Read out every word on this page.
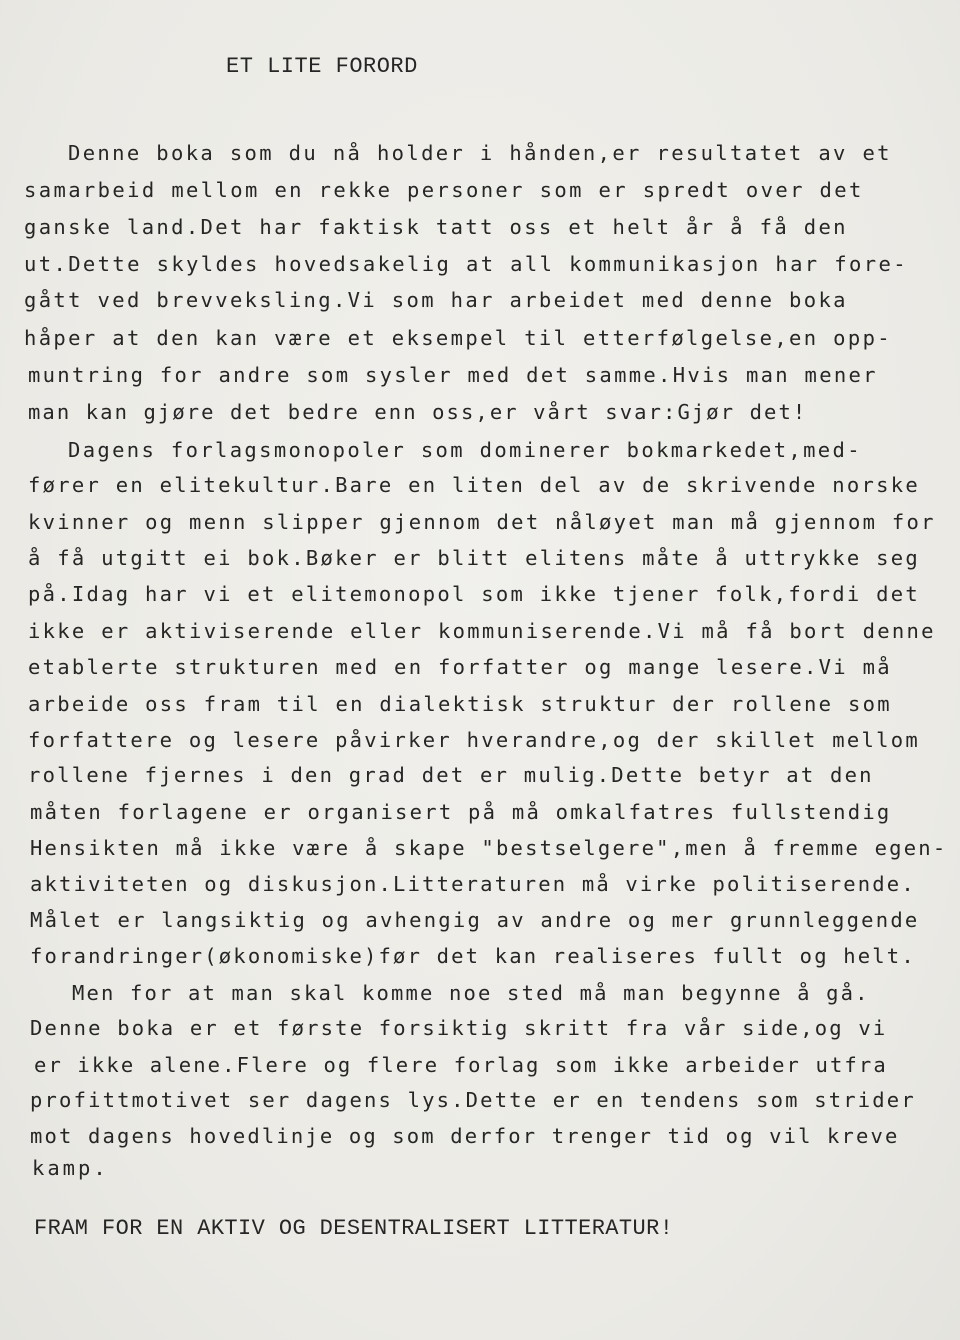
ET LITE FORORD
Denne boka som du nå holder i hånden,er resultatet av et
samarbeid mellom en rekke personer som er spredt over det
ganske land.Det har faktisk tatt oss et helt år å få den
ut.Dette skyldes hovedsakelig at all kommunikasjon har fore-
gått ved brevveksling.Vi som har arbeidet med denne boka
håper at den kan være et eksempel til etterfølgelse,en opp-
muntring for andre som sysler med det samme.Hvis man mener
man kan gjøre det bedre enn oss,er vårt svar:Gjør det!
Dagens forlagsmonopoler som dominerer bokmarkedet,med-
fører en elitekultur.Bare en liten del av de skrivende norske
kvinner og menn slipper gjennom det nåløyet man må gjennom for
å få utgitt ei bok.Bøker er blitt elitens måte å uttrykke seg
på.Idag har vi et elitemonopol som ikke tjener folk,fordi det
ikke er aktiviserende eller kommuniserende.Vi må få bort denne
etablerte strukturen med en forfatter og mange lesere.Vi må
arbeide oss fram til en dialektisk struktur der rollene som
forfattere og lesere påvirker hverandre,og der skillet mellom
rollene fjernes i den grad det er mulig.Dette betyr at den
måten forlagene er organisert på må omkalfatres fullstendig
Hensikten må ikke være å skape "bestselgere",men å fremme egen-
aktiviteten og diskusjon.Litteraturen må virke politiserende.
Målet er langsiktig og avhengig av andre og mer grunnleggende
forandringer(økonomiske)før det kan realiseres fullt og helt.
Men for at man skal komme noe sted må man begynne å gå.
Denne boka er et første forsiktig skritt fra vår side,og vi
er ikke alene.Flere og flere forlag som ikke arbeider utfra
profittmotivet ser dagens lys.Dette er en tendens som strider
mot dagens hovedlinje og som derfor trenger tid og vil kreve
kamp.
FRAM FOR EN AKTIV OG DESENTRALISERT LITTERATUR!
